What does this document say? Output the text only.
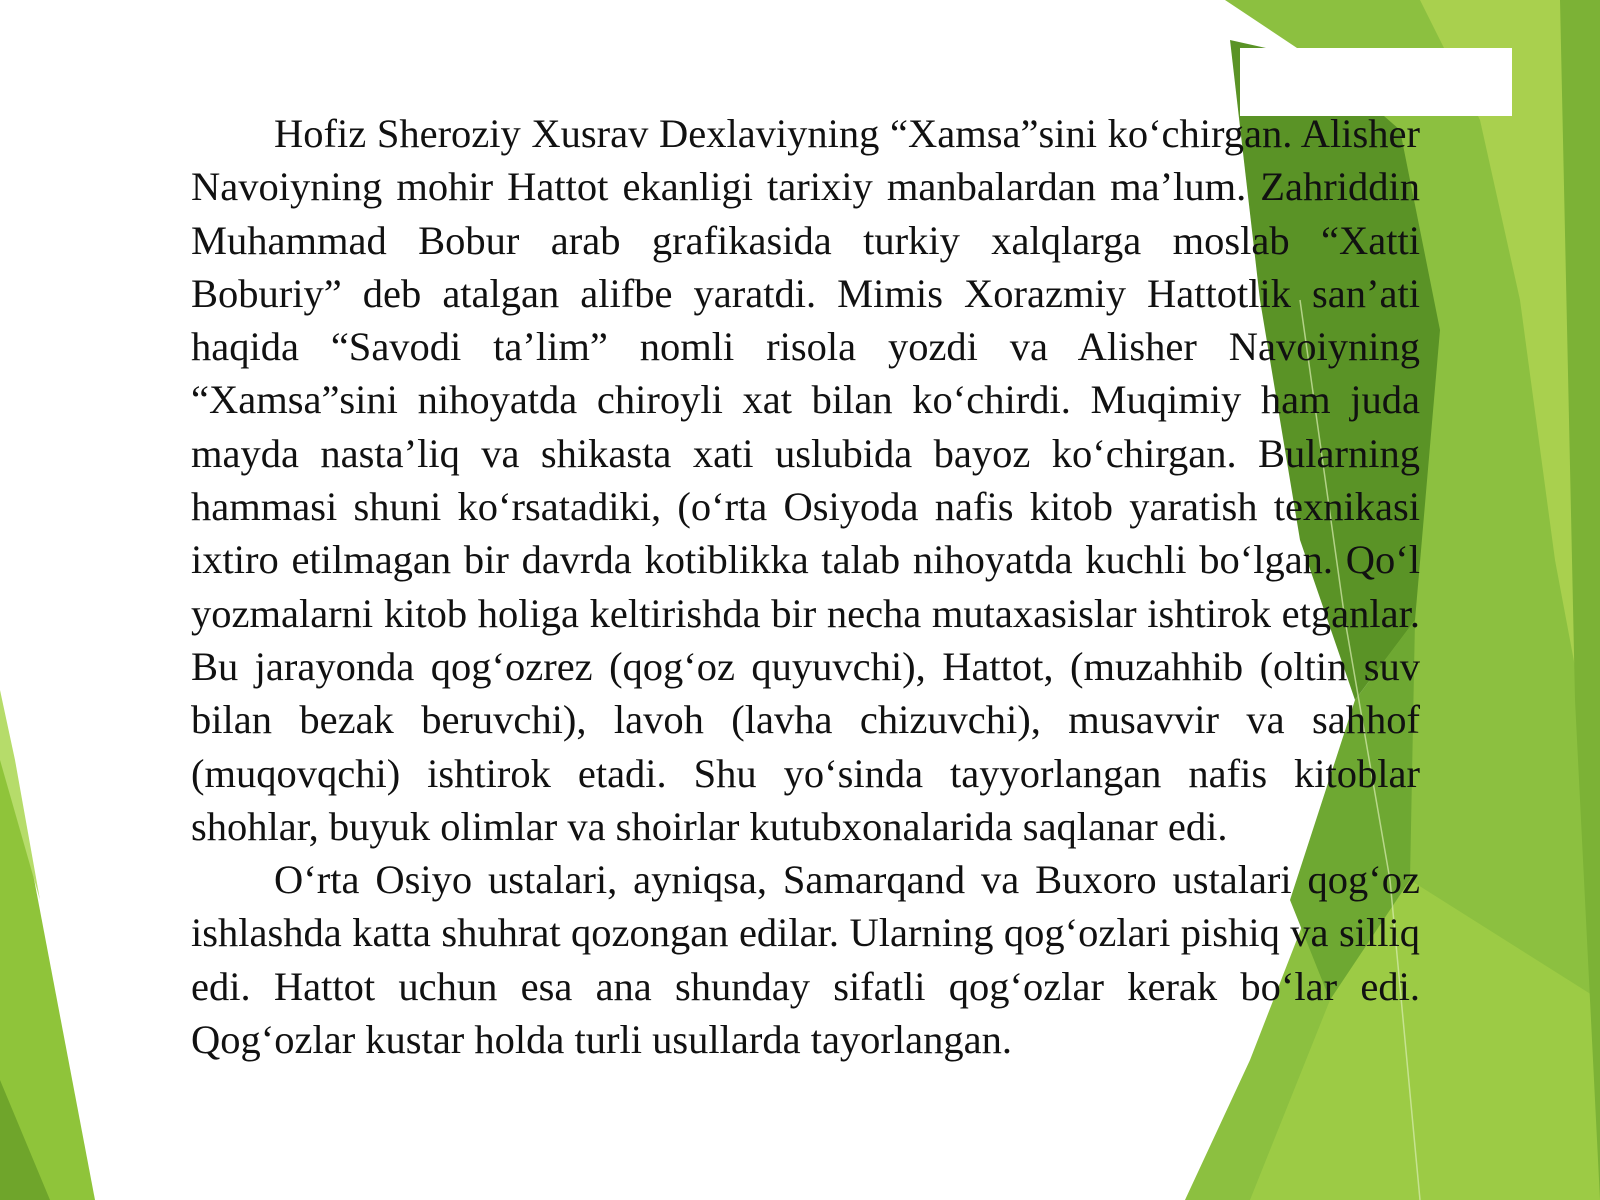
Hofiz Sheroziy Xusrav Dexlaviyning “Xamsa”sini koʻchirgan. Alisher Navoiyning mohir Hattot ekanligi tarixiy manbalardan ma’lum. Zahriddin Muhammad Bobur arab grafikasida turkiy xalqlarga moslab “Xatti Boburiy” deb atalgan alifbe yaratdi. Mimis Xorazmiy Hattotlik san’ati haqida “Savodi ta’lim” nomli risola yozdi va Alisher Navoiyning “Xamsa”sini nihoyatda chiroyli xat bilan koʻchirdi. Muqimiy ham juda mayda nasta’liq va shikasta xati uslubida bayoz koʻchirgan. Bularning hammasi shuni koʻrsatadiki, (oʻrta Osiyoda nafis kitob yaratish texnikasi ixtiro etilmagan bir davrda kotiblikka talab nihoyatda kuchli boʻlgan. Qoʻl yozmalarni kitob holiga keltirishda bir necha mutaxasislar ishtirok etganlar. Bu jarayonda qogʻozrez (qogʻoz quyuvchi), Hattot, (muzahhib (oltin suv bilan bezak beruvchi), lavoh (lavha chizuvchi), musavvir va sahhof (muqovqchi) ishtirok etadi. Shu yoʻsinda tayyorlangan nafis kitoblar shohlar, buyuk olimlar va shoirlar kutubxonalarida saqlanar edi.

Oʻrta Osiyo ustalari, ayniqsa, Samarqand va Buxoro ustalari qogʻoz ishlashda katta shuhrat qozongan edilar. Ularning qogʻozlari pishiq va silliq edi. Hattot uchun esa ana shunday sifatli qogʻozlar kerak boʻlar edi. Qogʻozlar kustar holda turli usullarda tayorlangan.
